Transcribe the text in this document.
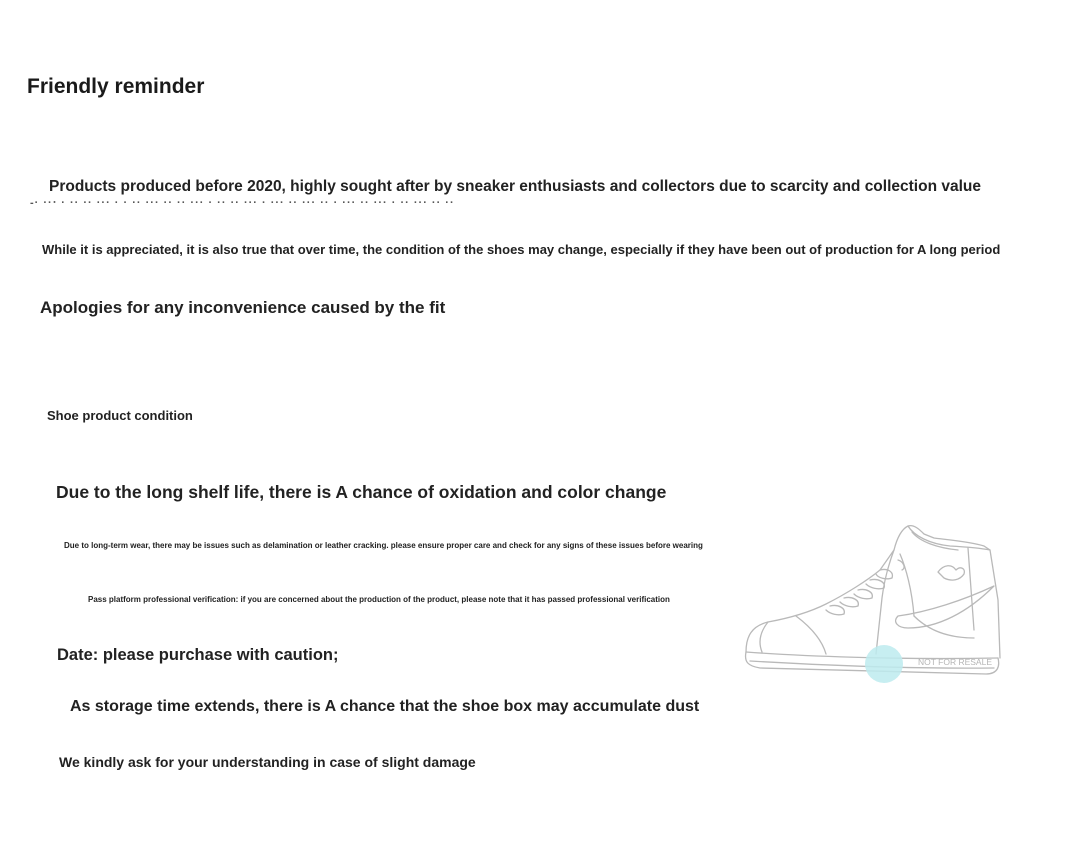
Friendly reminder
Products produced before 2020, highly sought after by sneaker enthusiasts and collectors due to scarcity and collection value
‐· ··‧ · ·· ·· ··· · · ·· ··· ·· ·· ··· · ·· ·· ··· · ··· ·· ··· ·· · ··· ·· ··· · ·· ··· ·· ··
While it is appreciated, it is also true that over time, the condition of the shoes may change, especially if they have been out of production for A long period
Apologies for any inconvenience caused by the fit
Shoe product condition
Due to the long shelf life, there is A chance of oxidation and color change
Due to long-term wear, there may be issues such as delamination or leather cracking. please ensure proper care and check for any signs of these issues before wearing
Pass platform professional verification: if you are concerned about the production of the product, please note that it has passed professional verification
Date: please purchase with caution;
As storage time extends, there is A chance that the shoe box may accumulate dust
We kindly ask for your understanding in case of slight damage
NOT FOR RESALE
